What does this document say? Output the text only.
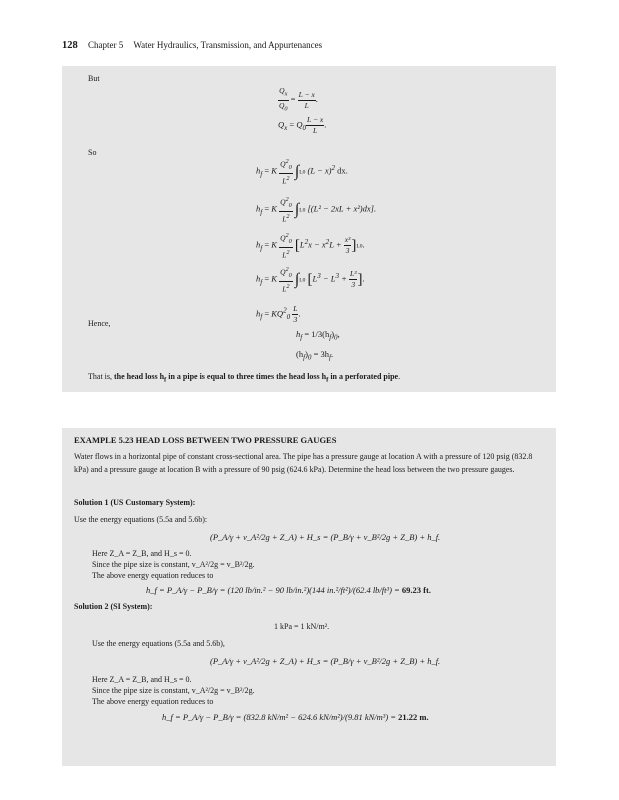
128 Chapter 5 Water Hydraulics, Transmission, and Appurtenances
But
$\frac{Q_x}{Q_0} = \frac{L - x}{L}$ .
$Q_x = Q_0 \frac{L - x}{L}$ .
So
$h_f = K \frac{Q^2_0}{L^2} \int L0$ $(L - x)^2$ dx.
$h_f = K \frac{Q^2_0}{L^2} \int L0$ [(L² − 2xL + x²)dx].
$h_f = K \frac{Q^2_0}{L^2} [L^2x - x^2L + \frac{\text{x³}}{3} ]L0$.
$h_f = K \frac{Q^2_0}{L^2} \int L0$ [$L^3 - L^3 + \frac{\text{L³}}{3}$ ].
$h_f = KQ^2_0 \frac{L}{3}$ .
Hence,
$h_f = 1/3(h_f)_0$,
$(h_f)_0 = 3h_f$.
That is, the head loss $h_f$ in a pipe is equal to three times the head loss $h_f$ in a perforated pipe.
EXAMPLE 5.23 HEAD LOSS BETWEEN TWO PRESSURE GAUGES
Water flows in a horizontal pipe of constant cross-sectional area. The pipe has a pressure gauge at location A with a pressure of 120 psig (832.8 kPa) and a pressure gauge at location B with a pressure of 90 psig (624.6 kPa). Determine the head loss between the two pressure gauges.
Solution 1 (US Customary System):
Use the energy equations (5.5a and 5.6b):
(P_A/γ + v_A²/2g + Z_A) + H_s = (P_B/γ + v_B²/2g + Z_B) + h_f.
Here Z_A = Z_B, and H_s = 0.
Since the pipe size is constant, v_A²/2g = v_B²/2g.
The above energy equation reduces to
h_f = P_A/γ − P_B/γ = (120 lb/in.² − 90 lb/in.²)(144 in.²/ft²)/(62.4 lb/ft³) = 69.23 ft.
Solution 2 (SI System):
1 kPa = 1 kN/m².
Use the energy equations (5.5a and 5.6b),
(P_A/γ + v_A²/2g + Z_A) + H_s = (P_B/γ + v_B²/2g + Z_B) + h_f.
Here Z_A = Z_B, and H_s = 0.
Since the pipe size is constant, v_A²/2g = v_B²/2g.
The above energy equation reduces to
h_f = P_A/γ − P_B/γ = (832.8 kN/m² − 624.6 kN/m²)/(9.81 kN/m³) = 21.22 m.
